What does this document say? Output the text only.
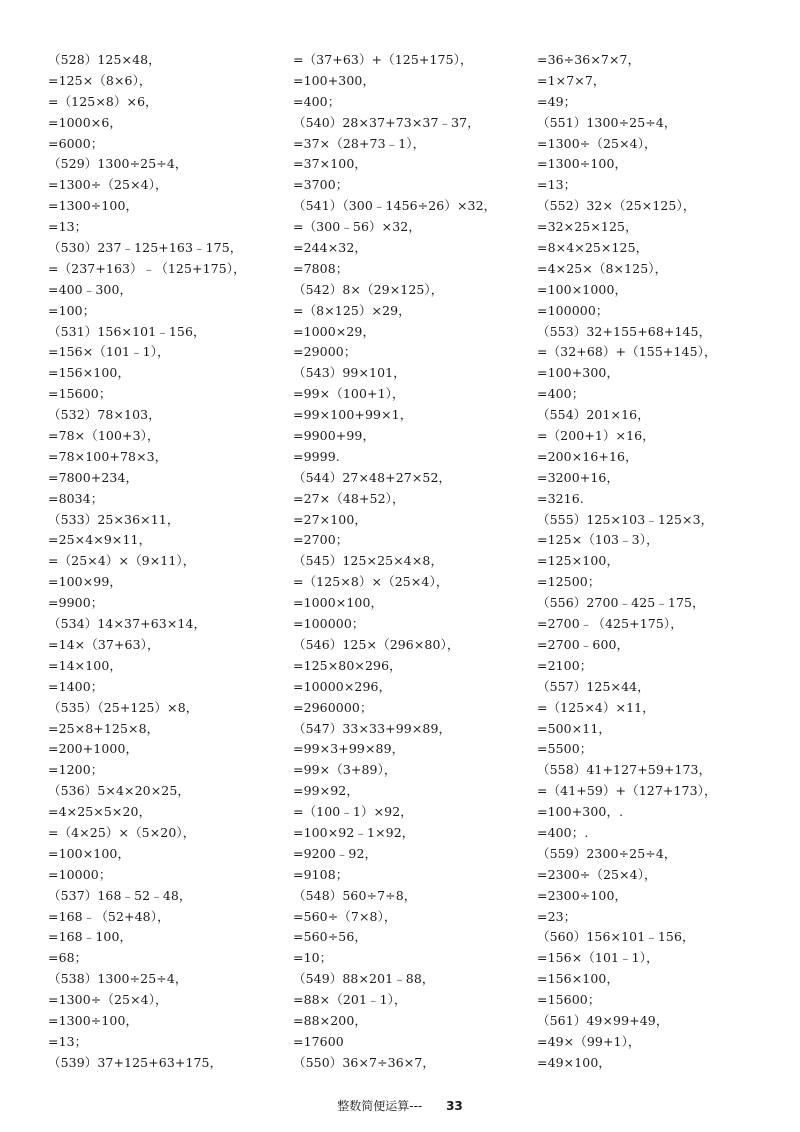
（528）125×48，
=125×（8×6），
=（125×8）×6，
=1000×6，
=6000；
（529）1300÷25÷4，
=1300÷（25×4），
=1300÷100，
=13；
（530）237﹣125+163﹣175，
=（237+163）﹣（125+175），
=400﹣300，
=100；
（531）156×101﹣156，
=156×（101﹣1），
=156×100，
=15600；
（532）78×103，
=78×（100+3），
=78×100+78×3，
=7800+234，
=8034；
（533）25×36×11，
=25×4×9×11，
=（25×4）×（9×11），
=100×99，
=9900；
（534）14×37+63×14，
=14×（37+63），
=14×100，
=1400；
（535）（25+125）×8，
=25×8+125×8，
=200+1000，
=1200；
（536）5×4×20×25，
=4×25×5×20，
=（4×25）×（5×20），
=100×100，
=10000；
（537）168﹣52﹣48，
=168﹣（52+48），
=168﹣100，
=68；
（538）1300÷25÷4，
=1300÷（25×4），
=1300÷100，
=13；
（539）37+125+63+175，
=（37+63）+（125+175），
=100+300，
=400；
（540）28×37+73×37﹣37，
=37×（28+73﹣1），
=37×100，
=3700；
（541）（300﹣1456÷26）×32，
=（300﹣56）×32，
=244×32，
=7808；
（542）8×（29×125），
=（8×125）×29，
=1000×29，
=29000；
（543）99×101，
=99×（100+1），
=99×100+99×1，
=9900+99，
=9999.
（544）27×48+27×52，
=27×（48+52），
=27×100，
=2700；
（545）125×25×4×8，
=（125×8）×（25×4），
=1000×100，
=100000；
（546）125×（296×80），
=125×80×296，
=10000×296，
=2960000；
（547）33×33+99×89，
=99×3+99×89，
=99×（3+89），
=99×92，
=（100﹣1）×92，
=100×92﹣1×92，
=9200﹣92，
=9108；
（548）560÷7÷8，
=560÷（7×8），
=560÷56，
=10；
（549）88×201﹣88，
=88×（201﹣1），
=88×200，
=17600
（550）36×7÷36×7，
=36÷36×7×7，
=1×7×7，
=49；
（551）1300÷25÷4，
=1300÷（25×4），
=1300÷100，
=13；
（552）32×（25×125），
=32×25×125，
=8×4×25×125，
=4×25×（8×125），
=100×1000，
=100000；
（553）32+155+68+145，
=（32+68）+（155+145），
=100+300，
=400；
（554）201×16，
=（200+1）×16，
=200×16+16，
=3200+16，
=3216.
（555）125×103﹣125×3，
=125×（103﹣3），
=125×100，
=12500；
（556）2700﹣425﹣175，
=2700﹣（425+175），
=2700﹣600，
=2100；
（557）125×44，
=（125×4）×11，
=500×11，
=5500；
（558）41+127+59+173，
=（41+59）+（127+173），
=100+300，.
=400；.
（559）2300÷25÷4，
=2300÷（25×4），
=2300÷100，
=23；
（560）156×101﹣156，
=156×（101﹣1），
=156×100，
=15600；
（561）49×99+49，
=49×（99+1），
=49×100，
整数简便运算--- 33
